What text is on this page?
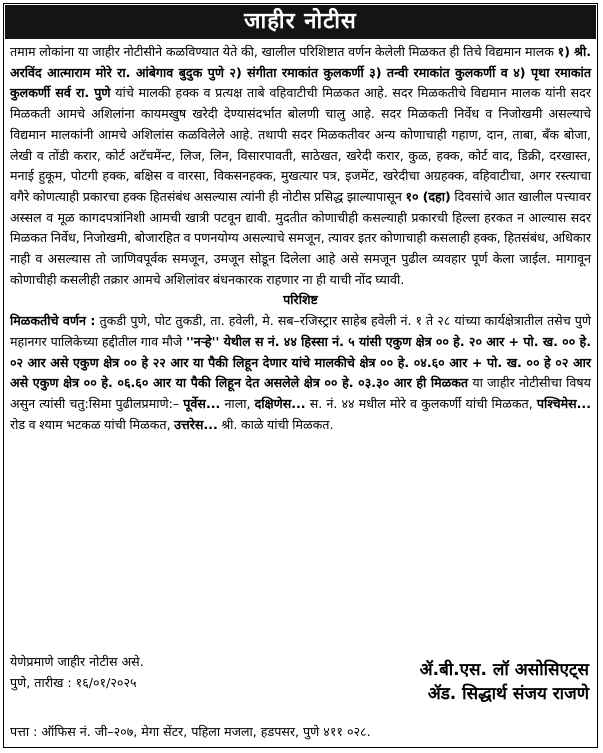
जाहीर नोटीस

तमाम लोकांना या जाहीर नोटीसीने कळविण्यात येते की, खालील परिशिष्टात वर्णन केलेली मिळकत ही तिचे विद्यमान मालक १) श्री. अरविंद आत्माराम मोरे रा. आंबेगाव बुदुक पुणे २) संगीता रमाकांत कुलकर्णी ३) तन्वी रमाकांत कुलकर्णी व ४) पृथा रमाकांत कुलकर्णी सर्व रा. पुणे यांचे मालकी हक्क व प्रत्यक्ष ताबे वहिवाटीची मिळकत आहे. सदर मिळकतीचे विद्यमान मालक यांनी सदर मिळकती आमचे अशिलांना कायमखुष खरेदी देण्यासंदर्भात बोलणी चालु आहे. सदर मिळकती निर्वेध व निजोखमी असल्याचे विद्यमान मालकांनी आमचे अशिलांस कळविलेले आहे. तथापी सदर मिळकतीवर अन्य कोणाचाही गहाण, दान, ताबा, बँक बोजा, लेखी व तोंडी करार, कोर्ट अटॅचमेंन्ट, लिज, लिन, विसारपावती, साठेखत, खरेदी करार, कुळ, हक्क, कोर्ट वाद, डिक्री, दरखास्त, मनाई हुकूम, पोटगी हक्क, बक्षिस व वारसा, विकसनहक्क, मुखत्यार पत्र, इजमेंट, खरेदीचा अग्रहक्क, वहिवाटीचा, अगर रस्त्याचा वगैरे कोणत्याही प्रकारचा हक्क हितसंबंध असल्यास त्यांनी ही नोटीस प्रसिद्ध झाल्यापासून १० (दहा) दिवसांचे आत खालील पत्त्यावर अस्सल व मूळ कागदपत्रांनिशी आमची खात्री पटवून द्यावी. मुदतीत कोणाचीही कसल्याही प्रकारची हिल्ला हरकत न आल्यास सदर मिळकत निर्वेध, निजोखमी, बोजारहित व पणनयोग्य असल्याचे समजून, त्यावर इतर कोणाचाही कसलाही हक्क, हितसंबंध, अधिकार नाही व असल्यास तो जाणिवपूर्वक समजून, उमजून सोडून दिलेला आहे असे समजून पुढील व्यवहार पूर्ण केला जाईल. मागावून कोणाचीही कसलीही तक्रार आमचे अशिलांवर बंधनकारक राहणार ना ही याची नोंद घ्यावी.

परिशिष्ट

मिळकतीचे वर्णन : तुकडी पुणे, पोट तुकडी, ता. हवेली, मे. सब–रजिस्ट्रार साहेब हवेली नं. १ ते २८ यांच्या कार्यक्षेत्रातील तसेच पुणे महानगर पालिकेच्या हद्दीतील गाव मौजे ''नऱ्हे'' येथील स नं. ४४ हिस्सा नं. ५ यांसी एकुण क्षेत्र ०० हे. २० आर + पो. ख. ०० हे. ०२ आर असे एकुण क्षेत्र ०० हे २२ आर या पैकी लिहून देणार यांचे मालकीचे क्षेत्र ०० हे. ०४.६० आर + पो. ख. ०० हे ०२ आर असे एकुण क्षेत्र ०० हे. ०६.६० आर या पैकी लिहून देत असलेले क्षेत्र ०० हे. ०३.३० आर ही मिळकत या जाहीर नोटीसीचा विषय असुन त्यांसी चतु:सिमा पुढीलप्रमाणे:– पूर्वेस... नाला, दक्षिणेस... स. नं. ४४ मधील मोरे व कुलकर्णी यांची मिळकत, पश्चिमेस... रोड व श्याम भटकळ यांची मिळकत, उत्तरेस... श्री. काळे यांची मिळकत.

येणेप्रमाणे जाहीर नोटीस असे.
पुणे, तारीख : १६/०१/२०२५
ॲ.बी.एस. लॉ असोसिएट्स
ॲड. सिद्धार्थ संजय राजणे
पत्ता : ऑफिस नं. जी–२०७, मेगा सेंटर, पहिला मजला, हडपसर, पुणे ४११ ०२८.
